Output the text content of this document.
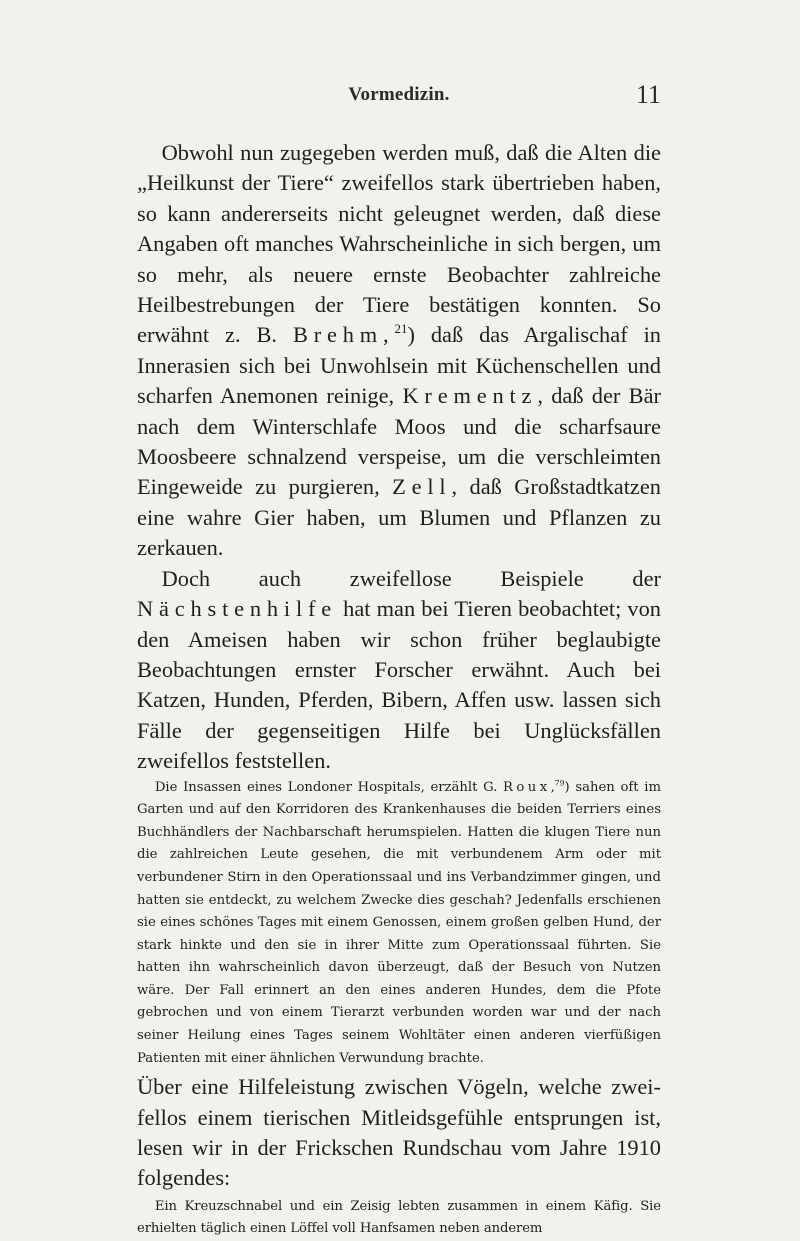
Vormedizin.	11

Obwohl nun zugegeben werden muß, daß die Alten die „Heilkunst der Tiere“ zweifellos stark übertrieben haben, so kann andererseits nicht geleugnet werden, daß diese Angaben oft manches Wahrscheinliche in sich bergen, um so mehr, als neuere ernste Beobachter zahlreiche Heilbestrebungen der Tiere bestätigen konnten. So erwähnt z. B. Brehm,$^{21}$) daß das Argalischaf in Innerasien sich bei Unwohlsein mit Küchenschellen und scharfen Anemonen reinige, Krementz, daß der Bär nach dem Winterschlafe Moos und die scharfsaure Moosbeere schnalzend verspeise, um die verschleimten Eingeweide zu purgieren, Zell, daß Großstadtkatzen eine wahre Gier haben, um Blumen und Pflanzen zu zerkauen.

Doch auch zweifellose Beispiele der Nächstenhilfe hat man bei Tieren beobachtet; von den Ameisen haben wir schon früher beglaubigte Beobachtungen ernster Forscher erwähnt. Auch bei Katzen, Hunden, Pferden, Bibern, Affen usw. lassen sich Fälle der gegenseitigen Hilfe bei Unglücksfällen zweifellos feststellen.

Die Insassen eines Londoner Hospitals, erzählt G. Roux,$^{79}$) sahen oft im Garten und auf den Korridoren des Krankenhauses die beiden Terriers eines Buchhändlers der Nachbarschaft herumspielen. Hatten die klugen Tiere nun die zahlreichen Leute gesehen, die mit verbundenem Arm oder mit verbundener Stirn in den Operationssaal und ins Verbandzimmer gingen, und hatten sie entdeckt, zu welchem Zwecke dies geschah? Jedenfalls erschienen sie eines schönes Tages mit einem Genossen, einem großen gelben Hund, der stark hinkte und den sie in ihrer Mitte zum Operationssaal führten. Sie hatten ihn wahrscheinlich davon überzeugt, daß der Besuch von Nutzen wäre. Der Fall erinnert an den eines anderen Hundes, dem die Pfote gebrochen und von einem Tierarzt verbunden worden war und der nach seiner Heilung eines Tages seinem Wohltäter einen anderen vierfüßigen Patienten mit einer ähnlichen Verwundung brachte.

Über eine Hilfeleistung zwischen Vögeln, welche zweifellos einem tierischen Mitleidsgefühle entsprungen ist, lesen wir in der Frickschen Rundschau vom Jahre 1910 folgendes:

Ein Kreuzschnabel und ein Zeisig lebten zusammen in einem Käfig. Sie erhielten täglich einen Löffel voll Hanfsamen neben anderem
